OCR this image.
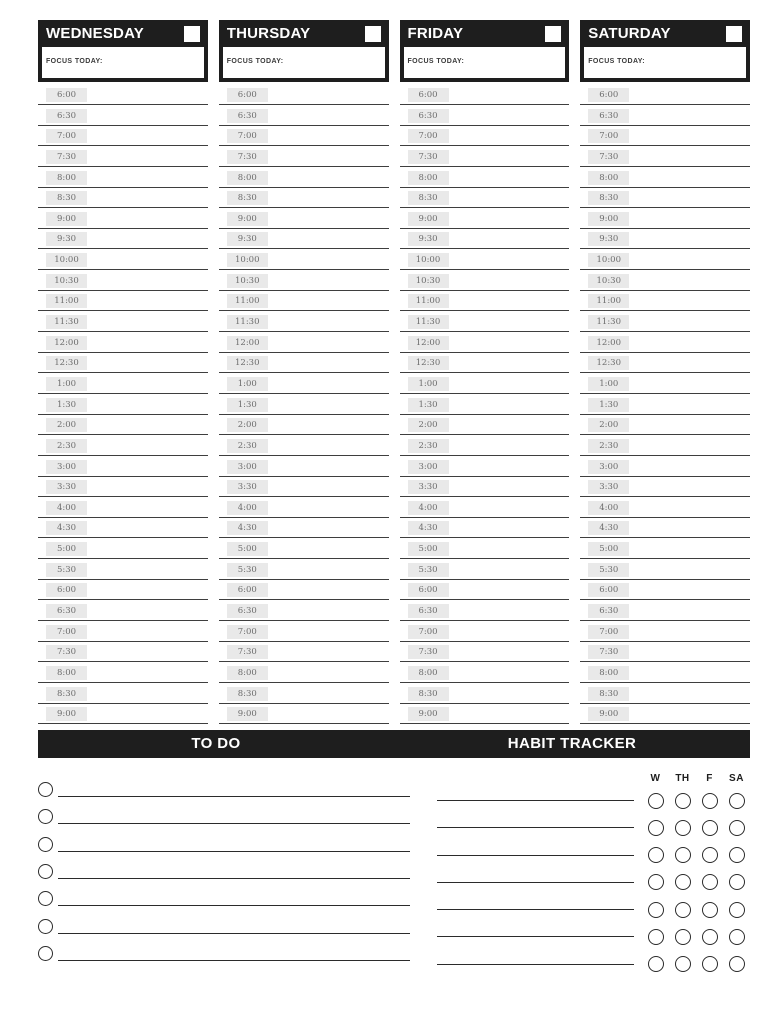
WEDNESDAY
FOCUS TODAY:
6:00
6:30
7:00
7:30
8:00
8:30
9:00
9:30
10:00
10:30
11:00
11:30
12:00
12:30
1:00
1:30
2:00
2:30
3:00
3:30
4:00
4:30
5:00
5:30
6:00
6:30
7:00
7:30
8:00
8:30
9:00
THURSDAY
FOCUS TODAY:
6:00
6:30
7:00
7:30
8:00
8:30
9:00
9:30
10:00
10:30
11:00
11:30
12:00
12:30
1:00
1:30
2:00
2:30
3:00
3:30
4:00
4:30
5:00
5:30
6:00
6:30
7:00
7:30
8:00
8:30
9:00
FRIDAY
FOCUS TODAY:
6:00
6:30
7:00
7:30
8:00
8:30
9:00
9:30
10:00
10:30
11:00
11:30
12:00
12:30
1:00
1:30
2:00
2:30
3:00
3:30
4:00
4:30
5:00
5:30
6:00
6:30
7:00
7:30
8:00
8:30
9:00
SATURDAY
FOCUS TODAY:
6:00
6:30
7:00
7:30
8:00
8:30
9:00
9:30
10:00
10:30
11:00
11:30
12:00
12:30
1:00
1:30
2:00
2:30
3:00
3:30
4:00
4:30
5:00
5:30
6:00
6:30
7:00
7:30
8:00
8:30
9:00
TO DO	HABIT TRACKER
W	TH	F	SA
